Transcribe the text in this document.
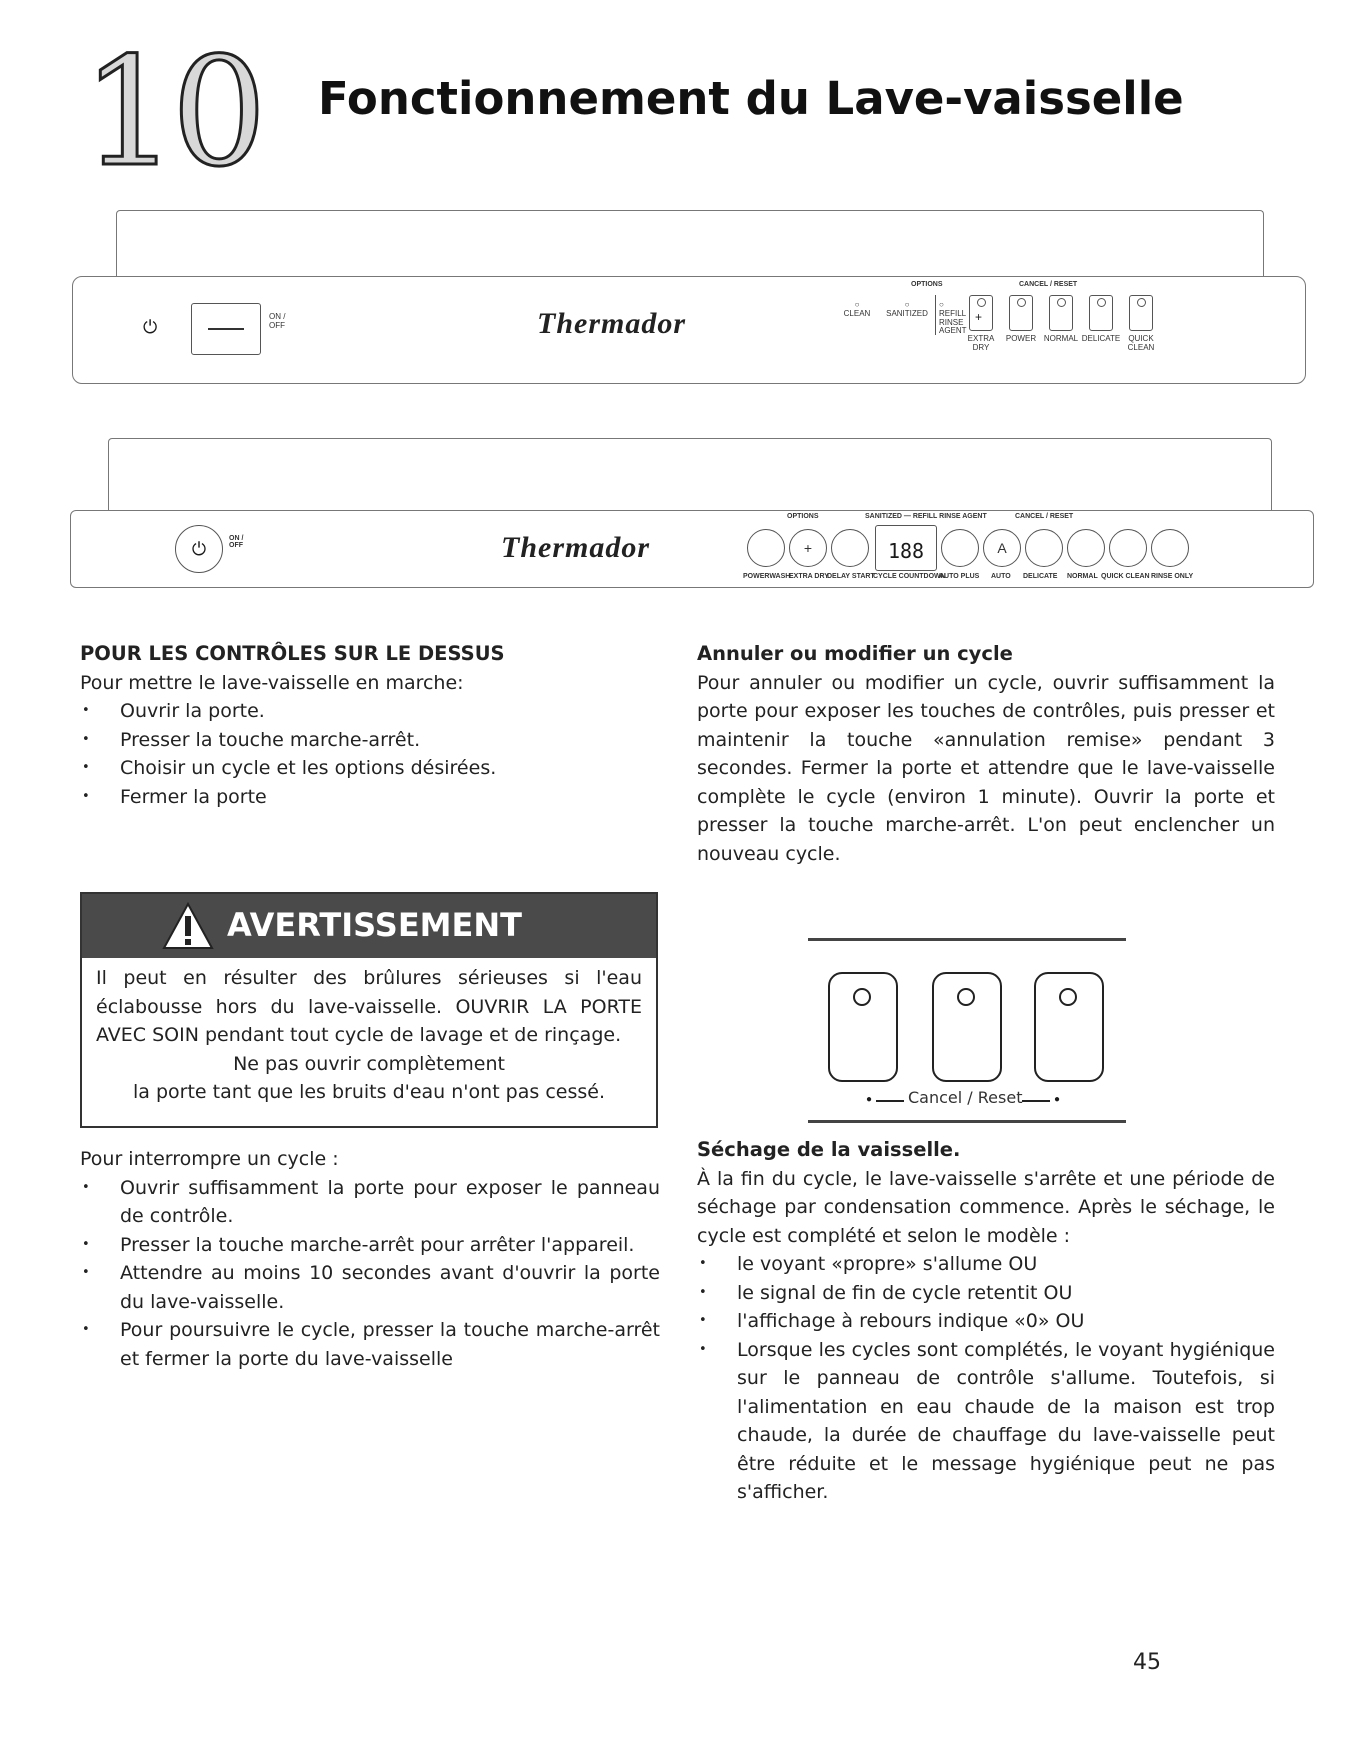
10 Fonctionnement du Lave-vaisselle
⏻
ON / OFF	Thermador
OPTIONS	CANCEL / RESET
○
CLEAN
○
SANITIZED
○
REFILL RINSE AGENT
+
EXTRA DRY
POWER NORMAL DELICATE	QUICK CLEAN
⏻
ON / OFF	Thermador
OPTIONS	SANITIZED — REFILL RINSE AGENT	CANCEL / RESET
+	188	A
POWERWASH
EXTRA DRY
DELAY START
CYCLE COUNTDOWN
AUTO PLUS AUTO DELICATE NORMAL QUICK CLEAN RINSE ONLY
POUR LES CONTRÔLES SUR LE DESSUS
Pour mettre le lave-vaisselle en marche:
• Ouvrir la porte.
• Presser la touche marche-arrêt.
• Choisir un cycle et les options désirées.
• Fermer la porte
AVERTISSEMENT
Il peut en résulter des brûlures sérieuses si l'eau éclabousse hors du lave-vaisselle. OUVRIR LA PORTE AVEC SOIN pendant tout cycle de lavage et de rinçage.
Ne pas ouvrir complètement
la porte tant que les bruits d'eau n'ont pas cessé.
Pour interrompre un cycle :
• Ouvrir suffisamment la porte pour exposer le panneau de contrôle.
• Presser la touche marche-arrêt pour arrêter l'appareil.
• Attendre au moins 10 secondes avant d'ouvrir la porte du lave-vaisselle.
• Pour poursuivre le cycle, presser la touche marche-arrêt et fermer la porte du lave-vaisselle
Annuler ou modifier un cycle
Pour annuler ou modifier un cycle, ouvrir suffisamment la porte pour exposer les touches de contrôles, puis presser et maintenir la touche «annulation remise» pendant 3 secondes. Fermer la porte et attendre que le lave-vaisselle complète le cycle (environ 1 minute). Ouvrir la porte et presser la touche marche-arrêt. L'on peut enclencher un nouveau cycle.
● Cancel / Reset	●
Séchage de la vaisselle.
À la fin du cycle, le lave-vaisselle s'arrête et une période de séchage par condensation commence. Après le séchage, le cycle est complété et selon le modèle :
• le voyant «propre» s'allume OU
• le signal de fin de cycle retentit OU
• l'affichage à rebours indique «0» OU
• Lorsque les cycles sont complétés, le voyant hygiénique sur le panneau de contrôle s'allume. Toutefois, si l'alimentation en eau chaude de la maison est trop chaude, la durée de chauffage du lave-vaisselle peut être réduite et le message hygiénique peut ne pas s'afficher.
45
